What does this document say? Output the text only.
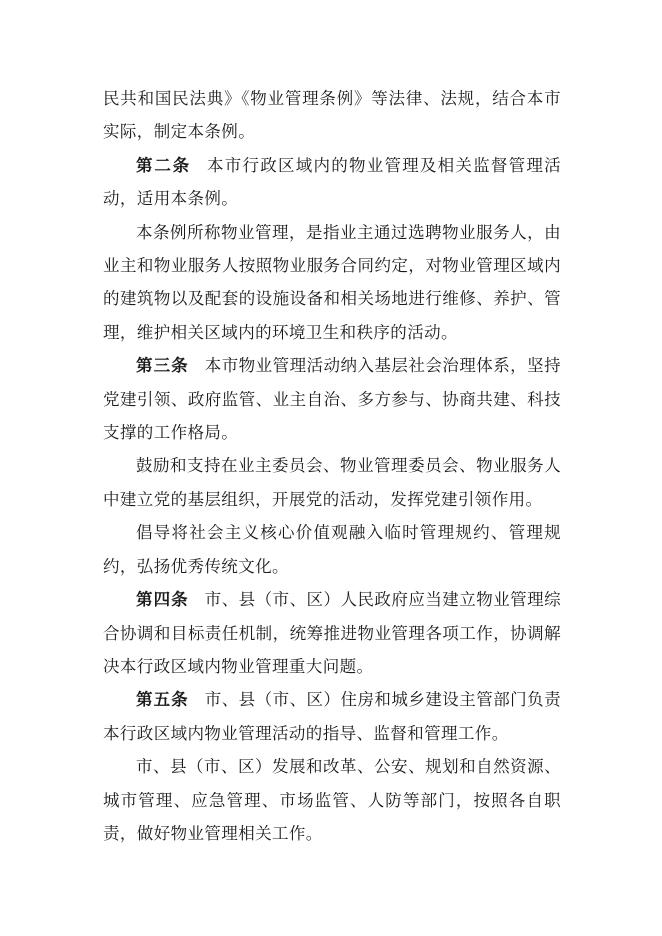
民共和国民法典》《物业管理条例》等法律、法规，结合本市实际，制定本条例。

第二条 本市行政区域内的物业管理及相关监督管理活动，适用本条例。

本条例所称物业管理，是指业主通过选聘物业服务人，由业主和物业服务人按照物业服务合同约定，对物业管理区域内的建筑物以及配套的设施设备和相关场地进行维修、养护、管理，维护相关区域内的环境卫生和秩序的活动。

第三条 本市物业管理活动纳入基层社会治理体系，坚持党建引领、政府监管、业主自治、多方参与、协商共建、科技支撑的工作格局。

鼓励和支持在业主委员会、物业管理委员会、物业服务人中建立党的基层组织，开展党的活动，发挥党建引领作用。

倡导将社会主义核心价值观融入临时管理规约、管理规约，弘扬优秀传统文化。

第四条 市、县（市、区）人民政府应当建立物业管理综合协调和目标责任机制，统筹推进物业管理各项工作，协调解决本行政区域内物业管理重大问题。

第五条 市、县（市、区）住房和城乡建设主管部门负责本行政区域内物业管理活动的指导、监督和管理工作。

市、县（市、区）发展和改革、公安、规划和自然资源、城市管理、应急管理、市场监管、人防等部门，按照各自职责，做好物业管理相关工作。
